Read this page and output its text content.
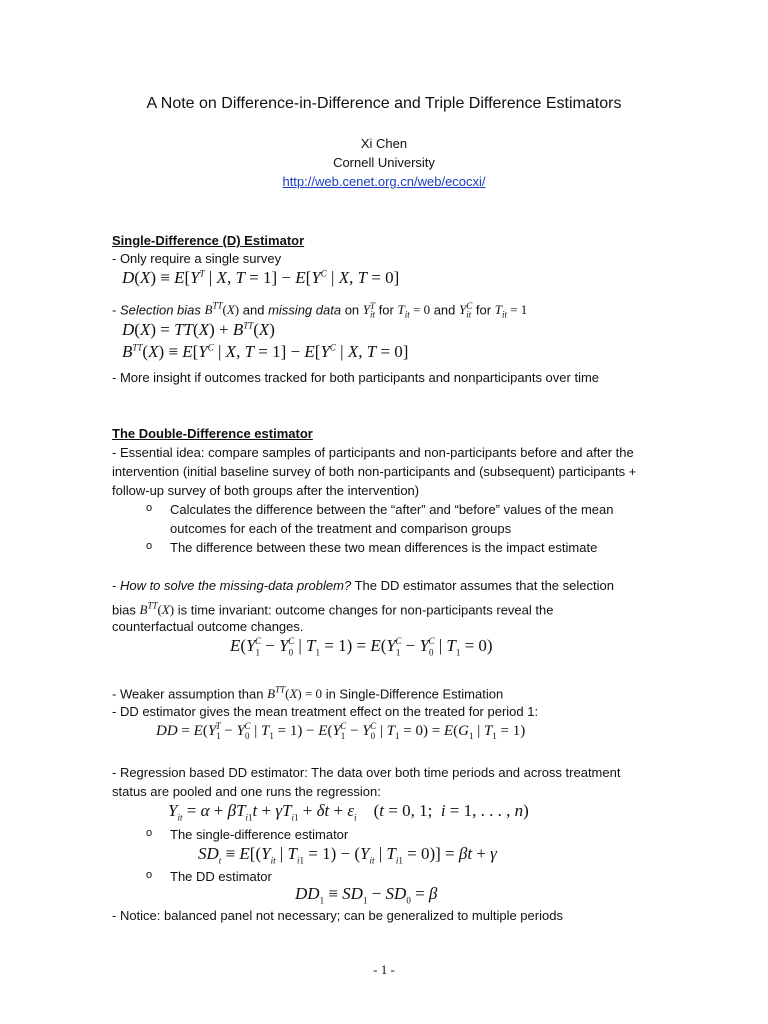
A Note on Difference-in-Difference and Triple Difference Estimators
Xi Chen
Cornell University
http://web.cenet.org.cn/web/ecocxi/
Single-Difference (D) Estimator
- Only require a single survey
$D(X) \equiv E[Y^T$ | X, $T = 1] - E[Y^C$ | X, T = 0]
- Selection bias $B^{TT}(X)$ and missing data on $Y_{it}^T$ for $T_{it} = 0$ and $Y_{it}^C$ for $T_{it} = 1$
$D(X) = TT(X) + B^{TT}(X)$
$B^{TT}(X) \equiv E[Y^C$ | X, $T = 1] - E[Y^C$ | X, T = 0]
- More insight if outcomes tracked for both participants and nonparticipants over time
The Double-Difference estimator
- Essential idea: compare samples of participants and non-participants before and after the intervention (initial baseline survey of both non-participants and (subsequent) participants + follow-up survey of both groups after the intervention)
o Calculates the difference between the “after” and “before” values of the mean outcomes for each of the treatment and comparison groups
o The difference between these two mean differences is the impact estimate
- How to solve the missing-data problem? The DD estimator assumes that the selection
bias $B^{TT}(X)$ is time invariant: outcome changes for non-participants reveal the
counterfactual outcome changes.
$E(Y_1^C - Y_0^C$ | $T_1 = 1) = E(Y_1^C - Y_0^C$ | $T_1 = 0$)
- Weaker assumption than $B^{TT}(X) = 0$ in Single-Difference Estimation
- DD estimator gives the mean treatment effect on the treated for period 1:
DD = $E(Y_1^T - Y_0^C$ | $T_1 = 1) - E(Y_1^C - Y_0^C$ | $T_1 = 0) = E(G_1$ | $T_1 = 1$)
- Regression based DD estimator: The data over both time periods and across treatment status are pooled and one runs the regression:
$Y_{it} = \alpha + \beta T_{i1}t + \gamma T_{i1} + \delta t + \varepsilon_i$    (t = 0, 1;  i = 1, . . . , n)
o The single-difference estimator
$SD_t \equiv E[(Y_{it}$ | $T_{i1} = 1) - (Y_{it}$ | $T_{i1} = 0)] = \beta t + \gamma$
o The DD estimator
$DD_1 \equiv SD_1 - SD_0 = \beta$
- Notice: balanced panel not necessary; can be generalized to multiple periods
- 1 -
